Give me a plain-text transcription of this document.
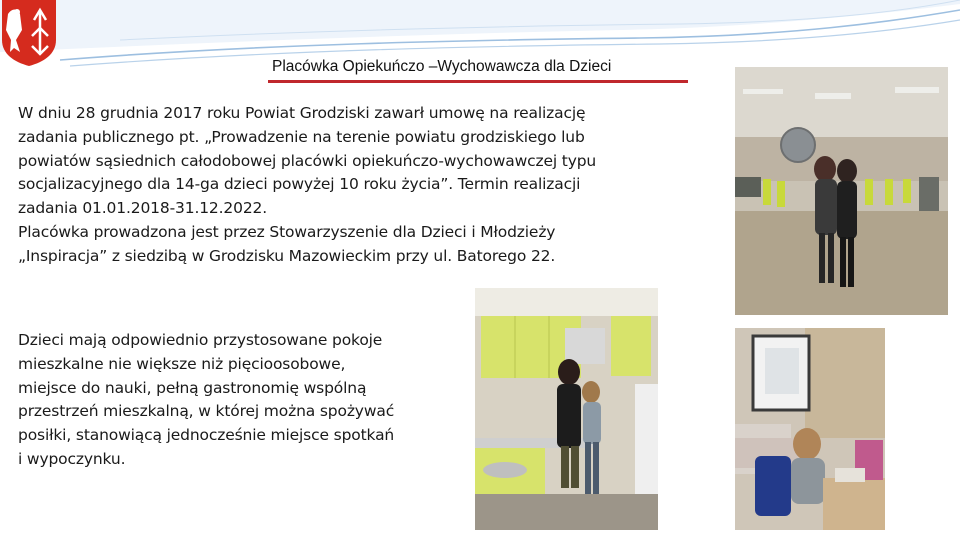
Placówka Opiekuńczo –Wychowawcza dla Dzieci

W dniu 28 grudnia 2017 roku Powiat Grodziski zawarł umowę na realizację
zadania publicznego pt. „Prowadzenie na terenie powiatu grodziskiego lub
powiatów sąsiednich całodobowej placówki opiekuńczo-wychowawczej typu
socjalizacyjnego dla 14-ga dzieci powyżej 10 roku życia”. Termin realizacji
zadania 01.01.2018-31.12.2022.
Placówka prowadzona jest przez Stowarzyszenie dla Dzieci i Młodzieży
„Inspiracja” z siedzibą w Grodzisku Mazowieckim przy ul. Batorego 22.

Dzieci mają odpowiednio przystosowane pokoje
mieszkalne nie większe niż pięcioosobowe,
miejsce do nauki, pełną gastronomię wspólną
przestrzeń mieszkalną, w której można spożywać
posiłki, stanowiącą jednocześnie miejsce spotkań
i wypoczynku.
